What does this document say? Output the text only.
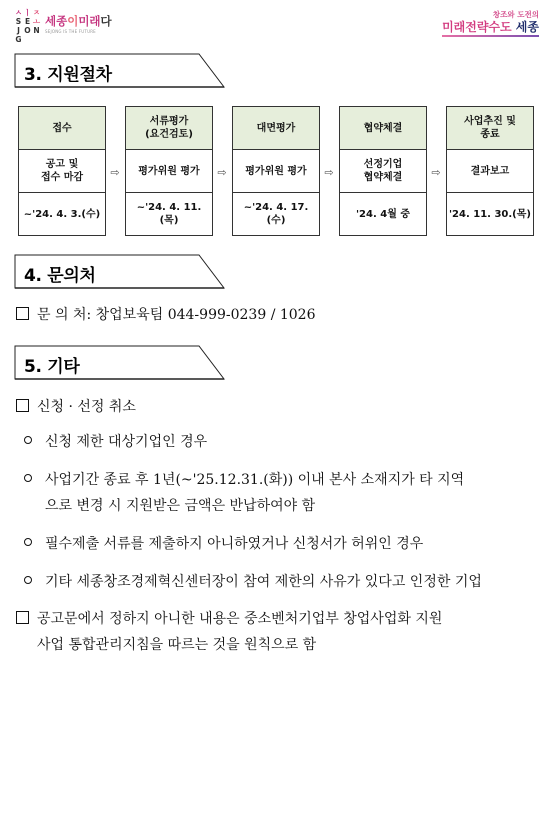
ㅅ ㅣ ㅈ
S E ㅗ
J O N
G
세종이미래다
SEJONG IS THE FUTURE
창조와 도전의
미래전략수도 세종
3. 지원절차
접수
공고 및
접수 마감
~'24. 4. 3.(수)
⇨
서류평가
(요건검토)
평가위원 평가
~'24. 4. 11.(목)
⇨
대면평가
평가위원 평가
~'24. 4. 17.(수)
⇨
협약체결
선정기업
협약체결
'24. 4월 중
⇨
사업추진 및
종료
결과보고
'24. 11. 30.(목)
4. 문의처
문 의 처: 창업보육팀 044-999-0239 / 1026
5. 기타
신청 · 선정 취소
신청 제한 대상기업인 경우
사업기간 종료 후 1년(~'25.12.31.(화)) 이내 본사 소재지가 타 지역
으로 변경 시 지원받은 금액은 반납하여야 함
필수제출 서류를 제출하지 아니하였거나 신청서가 허위인 경우
기타 세종창조경제혁신센터장이 참여 제한의 사유가 있다고 인정한 기업
공고문에서 정하지 아니한 내용은 중소벤처기업부 창업사업화 지원
사업 통합관리지침을 따르는 것을 원칙으로 함
